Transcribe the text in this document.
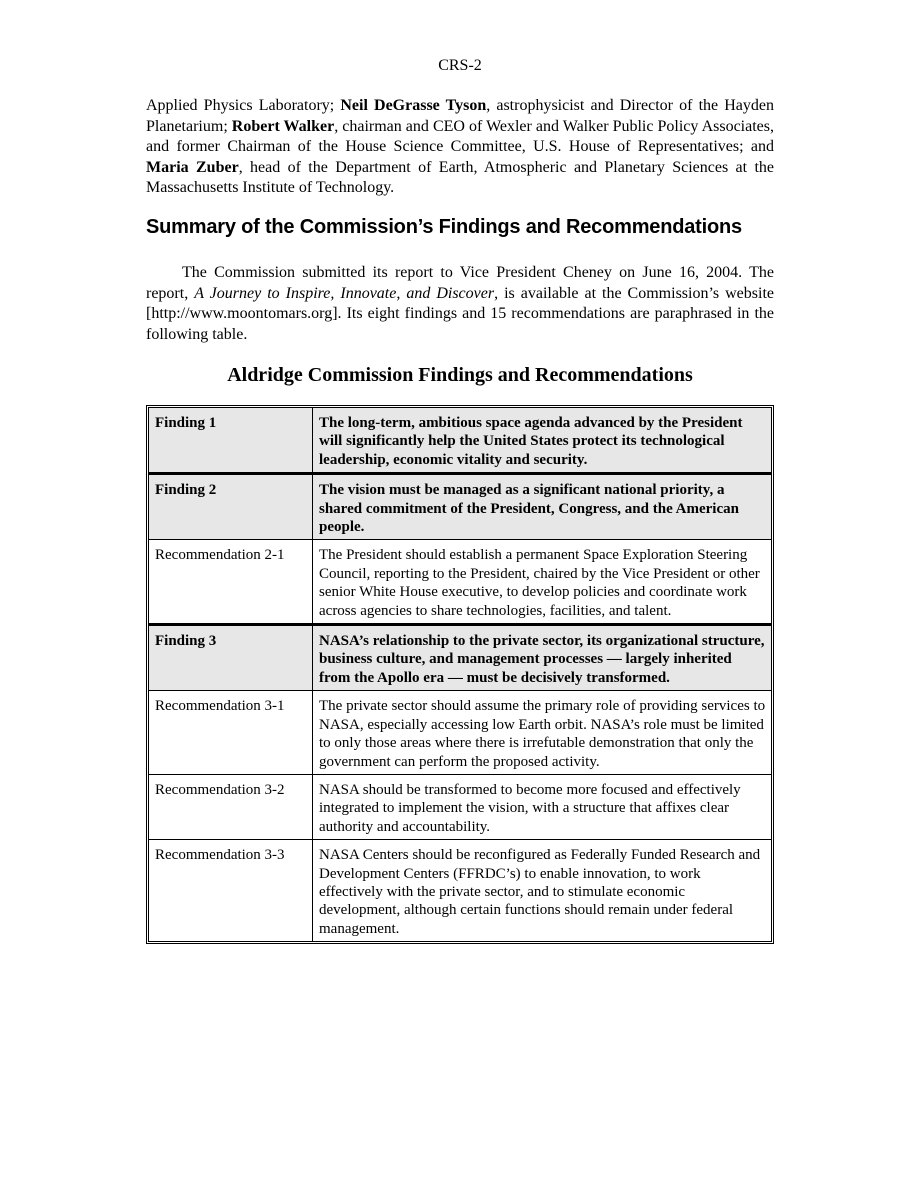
CRS-2

Applied Physics Laboratory; Neil DeGrasse Tyson, astrophysicist and Director of the Hayden Planetarium; Robert Walker, chairman and CEO of Wexler and Walker Public Policy Associates, and former Chairman of the House Science Committee, U.S. House of Representatives; and Maria Zuber, head of the Department of Earth, Atmospheric and Planetary Sciences at the Massachusetts Institute of Technology.

Summary of the Commission’s Findings and Recommendations

The Commission submitted its report to Vice President Cheney on June 16, 2004. The report, A Journey to Inspire, Innovate, and Discover, is available at the Commission’s website [http://www.moontomars.org]. Its eight findings and 15 recommendations are paraphrased in the following table.

Aldridge Commission Findings and Recommendations
Finding 1	The long-term, ambitious space agenda advanced by the President will significantly help the United States protect its technological leadership, economic vitality and security.
Finding 2	The vision must be managed as a significant national priority, a shared commitment of the President, Congress, and the American people.
Recommendation 2-1	The President should establish a permanent Space Exploration Steering Council, reporting to the President, chaired by the Vice President or other senior White House executive, to develop policies and coordinate work across agencies to share technologies, facilities, and talent.
Finding 3	NASA’s relationship to the private sector, its organizational structure, business culture, and management processes — largely inherited from the Apollo era — must be decisively transformed.
Recommendation 3-1	The private sector should assume the primary role of providing services to NASA, especially accessing low Earth orbit. NASA’s role must be limited to only those areas where there is irrefutable demonstration that only the government can perform the proposed activity.
Recommendation 3-2	NASA should be transformed to become more focused and effectively integrated to implement the vision, with a structure that affixes clear authority and accountability.
Recommendation 3-3	NASA Centers should be reconfigured as Federally Funded Research and Development Centers (FFRDC’s) to enable innovation, to work effectively with the private sector, and to stimulate economic development, although certain functions should remain under federal management.
